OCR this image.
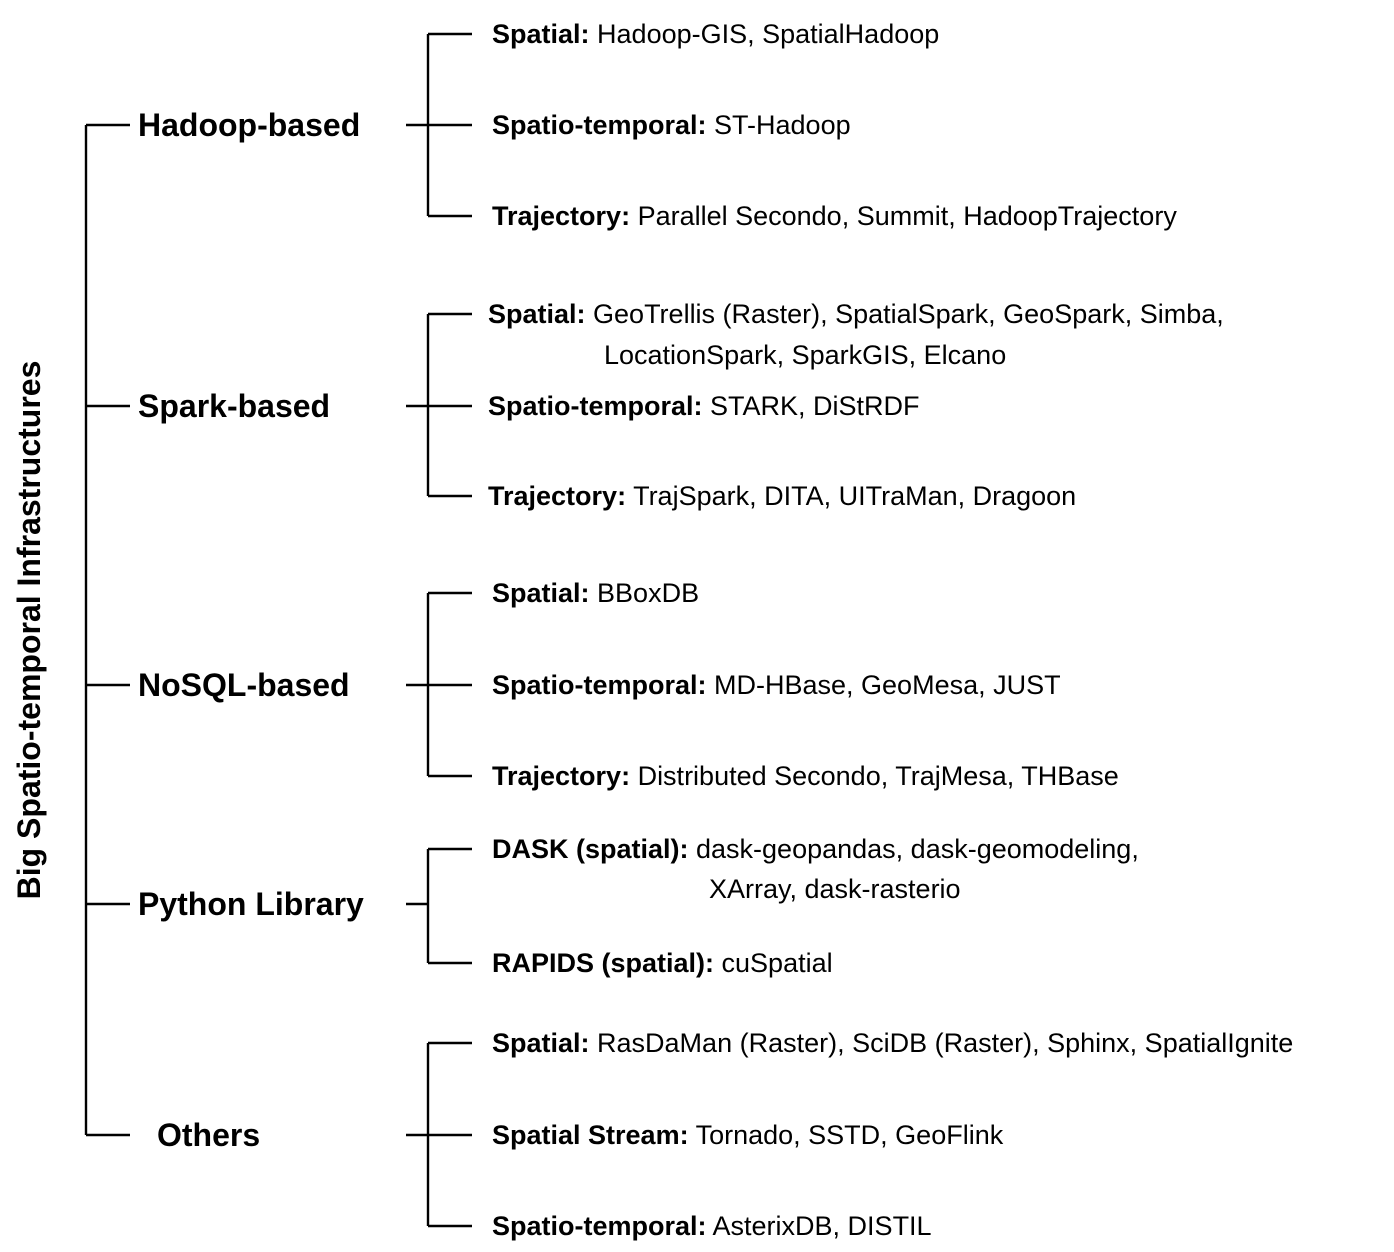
Big Spatio-temporal Infrastructures
Hadoop-based
Spatial: Hadoop-GIS, SpatialHadoop
Spatio-temporal: ST-Hadoop
Trajectory: Parallel Secondo, Summit, HadoopTrajectory
Spark-based
Spatial: GeoTrellis (Raster), SpatialSpark, GeoSpark, Simba,
LocationSpark, SparkGIS, Elcano
Spatio-temporal: STARK, DiStRDF
Trajectory: TrajSpark, DITA, UITraMan, Dragoon
NoSQL-based
Spatial: BBoxDB
Spatio-temporal: MD-HBase, GeoMesa, JUST
Trajectory: Distributed Secondo, TrajMesa, THBase
Python Library
DASK (spatial): dask-geopandas, dask-geomodeling,
XArray, dask-rasterio
RAPIDS (spatial): cuSpatial
Others
Spatial: RasDaMan (Raster), SciDB (Raster), Sphinx, SpatialIgnite
Spatial Stream: Tornado, SSTD, GeoFlink
Spatio-temporal: AsterixDB, DISTIL
